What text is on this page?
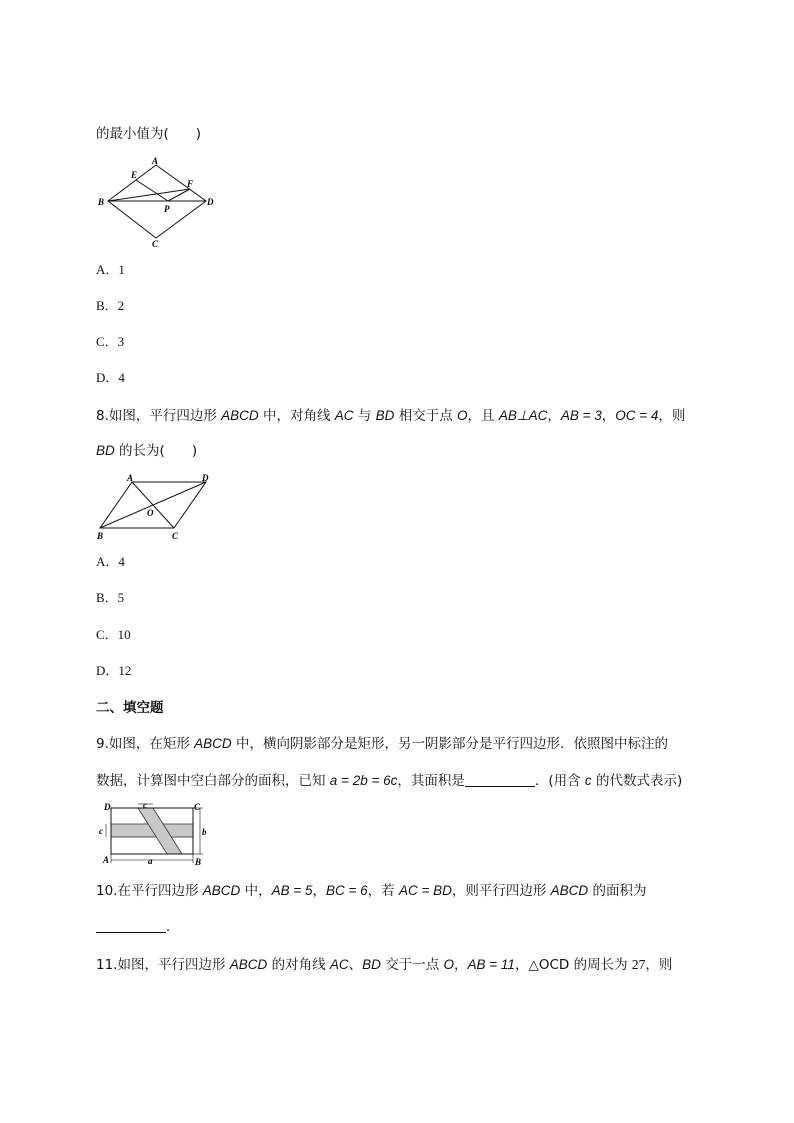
的最小值为(　　)
A
B
C
D
E
F
P
A．1
B．2
C．3
D．4
8.如图，平行四边形 ABCD 中，对角线 AC 与 BD 相交于点 O，且 AB⊥AC，AB = 3，OC = 4，则
BD 的长为(　　)
A	D
B	C
O
A．4
B．5
C．10
D．12
二、填空题
9.如图，在矩形 ABCD 中，横向阴影部分是矩形，另一阴影部分是平行四边形．依照图中标注的
数据，计算图中空白部分的面积，已知 a = 2b = 6c，其面积是	．(用含 c 的代数式表示)
D	C
A	B
a
b
c
c
10.在平行四边形 ABCD 中，AB = 5，BC = 6，若 AC = BD，则平行四边形 ABCD 的面积为
．
11.如图，平行四边形 ABCD 的对角线 AC、BD 交于一点 O，AB = 11，△OCD 的周长为 27，则
